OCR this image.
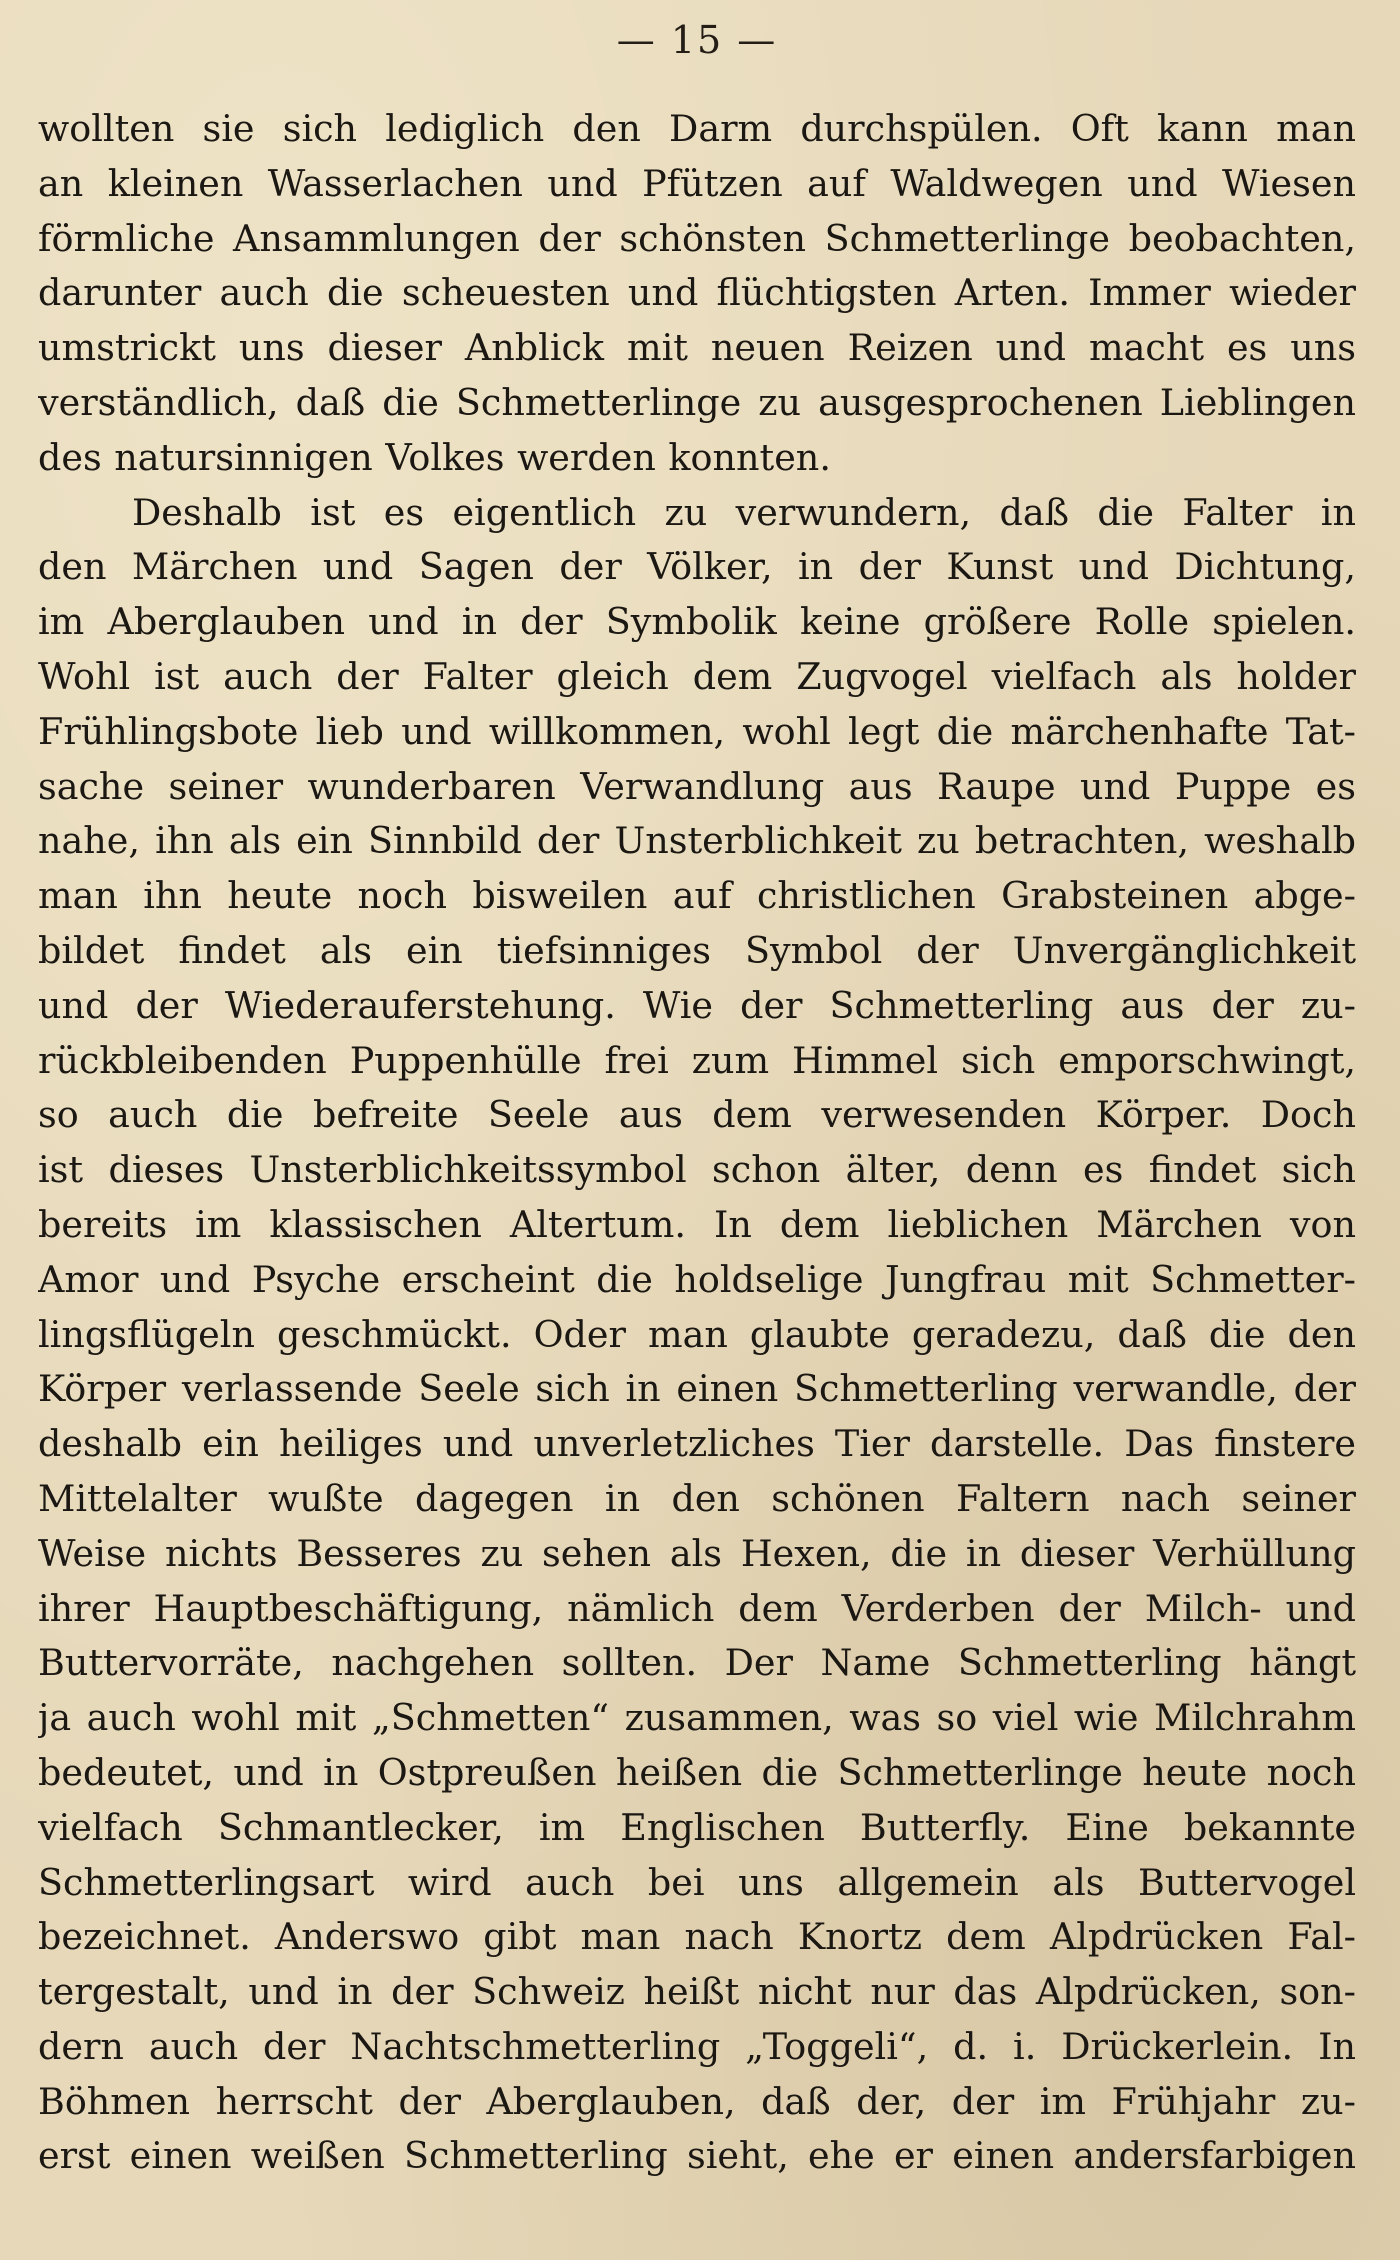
— 15 —
wollten sie sich lediglich den Darm durchspülen. Oft kann man
an kleinen Wasserlachen und Pfützen auf Waldwegen und Wiesen
förmliche Ansammlungen der schönsten Schmetterlinge beobachten,
darunter auch die scheuesten und flüchtigsten Arten. Immer wieder
umstrickt uns dieser Anblick mit neuen Reizen und macht es uns
verständlich, daß die Schmetterlinge zu ausgesprochenen Lieblingen
des natursinnigen Volkes werden konnten.
Deshalb ist es eigentlich zu verwundern, daß die Falter in
den Märchen und Sagen der Völker, in der Kunst und Dichtung,
im Aberglauben und in der Symbolik keine größere Rolle spielen.
Wohl ist auch der Falter gleich dem Zugvogel vielfach als holder
Frühlingsbote lieb und willkommen, wohl legt die märchenhafte Tat-
sache seiner wunderbaren Verwandlung aus Raupe und Puppe es
nahe, ihn als ein Sinnbild der Unsterblichkeit zu betrachten, weshalb
man ihn heute noch bisweilen auf christlichen Grabsteinen abge-
bildet findet als ein tiefsinniges Symbol der Unvergänglichkeit
und der Wiederauferstehung. Wie der Schmetterling aus der zu-
rückbleibenden Puppenhülle frei zum Himmel sich emporschwingt,
so auch die befreite Seele aus dem verwesenden Körper. Doch
ist dieses Unsterblichkeitssymbol schon älter, denn es findet sich
bereits im klassischen Altertum. In dem lieblichen Märchen von
Amor und Psyche erscheint die holdselige Jungfrau mit Schmetter-
lingsflügeln geschmückt. Oder man glaubte geradezu, daß die den
Körper verlassende Seele sich in einen Schmetterling verwandle, der
deshalb ein heiliges und unverletzliches Tier darstelle. Das finstere
Mittelalter wußte dagegen in den schönen Faltern nach seiner
Weise nichts Besseres zu sehen als Hexen, die in dieser Verhüllung
ihrer Hauptbeschäftigung, nämlich dem Verderben der Milch- und
Buttervorräte, nachgehen sollten. Der Name Schmetterling hängt
ja auch wohl mit „Schmetten“ zusammen, was so viel wie Milchrahm
bedeutet, und in Ostpreußen heißen die Schmetterlinge heute noch
vielfach Schmantlecker, im Englischen Butterfly. Eine bekannte
Schmetterlingsart wird auch bei uns allgemein als Buttervogel
bezeichnet. Anderswo gibt man nach Knortz dem Alpdrücken Fal-
tergestalt, und in der Schweiz heißt nicht nur das Alpdrücken, son-
dern auch der Nachtschmetterling „Toggeli“, d. i. Drückerlein. In
Böhmen herrscht der Aberglauben, daß der, der im Frühjahr zu-
erst einen weißen Schmetterling sieht, ehe er einen andersfarbigen
